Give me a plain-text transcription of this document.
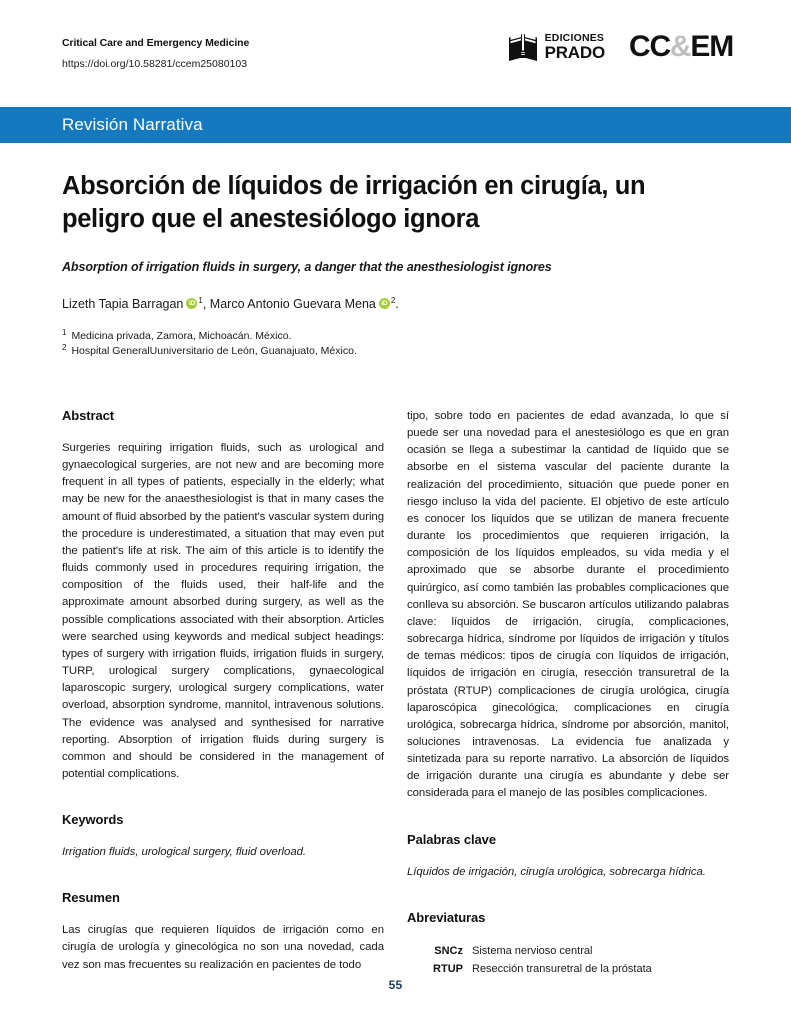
Critical Care and Emergency Medicine
https://doi.org/10.58281/ccem25080103
EDICIONES
PRADO CC&EM
Revisión Narrativa
Absorción de líquidos de irrigación en cirugía, un peligro que el anestesiólogo ignora
Absorption of irrigation fluids in surgery, a danger that the anesthesiologist ignores
Lizeth Tapia Barragan iD $^1$, Marco Antonio Guevara Mena iD $^2$.
$^1$ Medicina privada, Zamora, Michoacán. México.
$^2$ Hospital GeneralUuniversitario de León, Guanajuato, México.
Abstract

Surgeries requiring irrigation fluids, such as urological and gynaecological surgeries, are not new and are becoming more frequent in all types of patients, especially in the elderly; what may be new for the anaesthesiologist is that in many cases the amount of fluid absorbed by the patient's vascular system during the procedure is underestimated, a situation that may even put the patient's life at risk. The aim of this article is to identify the fluids commonly used in procedures requiring irrigation, the composition of the fluids used, their half-life and the approximate amount absorbed during surgery, as well as the possible complications associated with their absorption. Articles were searched using keywords and medical subject headings: types of surgery with irrigation fluids, irrigation fluids in surgery, TURP, urological surgery complications, gynaecological laparoscopic surgery, urological surgery complications, water overload, absorption syndrome, mannitol, intravenous solutions. The evidence was analysed and synthesised for narrative reporting. Absorption of irrigation fluids during surgery is common and should be considered in the management of potential complications.

Keywords

Irrigation fluids, urological surgery, fluid overload.

Resumen

Las cirugías que requieren líquidos de irrigación como en cirugía de urología y ginecológica no son una novedad, cada vez son mas frecuentes su realización en pacientes de todo

tipo, sobre todo en pacientes de edad avanzada, lo que sí puede ser una novedad para el anestesiólogo es que en gran ocasión se llega a subestimar la cantidad de líquido que se absorbe en el sistema vascular del paciente durante la realización del procedimiento, situación que puede poner en riesgo incluso la vida del paciente. El objetivo de este artículo es conocer los liquidos que se utilizan de manera frecuente durante los procedimientos que requieren irrigación, la composición de los líquidos empleados, su vida media y el aproximado que se absorbe durante el procedimiento quirúrgico, así como también las probables complicaciones que conlleva su absorción. Se buscaron artículos utilizando palabras clave: líquidos de irrigación, cirugía, complicaciones, sobrecarga hídrica, síndrome por líquidos de irrigación y títulos de temas médicos: tipos de cirugía con líquidos de irrigación, líquidos de irrigación en cirugía, resección transuretral de la próstata (RTUP) complicaciones de cirugía urológica, cirugía laparoscópica ginecológica, complicaciones en cirugía urológica, sobrecarga hídrica, síndrome por absorción, manitol, soluciones intravenosas. La evidencia fue analizada y sintetizada para su reporte narrativo. La absorción de líquidos de irrigación durante una cirugía es abundante y debe ser considerada para el manejo de las posibles complicaciones.

Palabras clave

Líquidos de irrigación, cirugía urológica, sobrecarga hídrica.

Abreviaturas
SNCz Sistema nervioso central
RTUP Resección transuretral de la próstata
55
